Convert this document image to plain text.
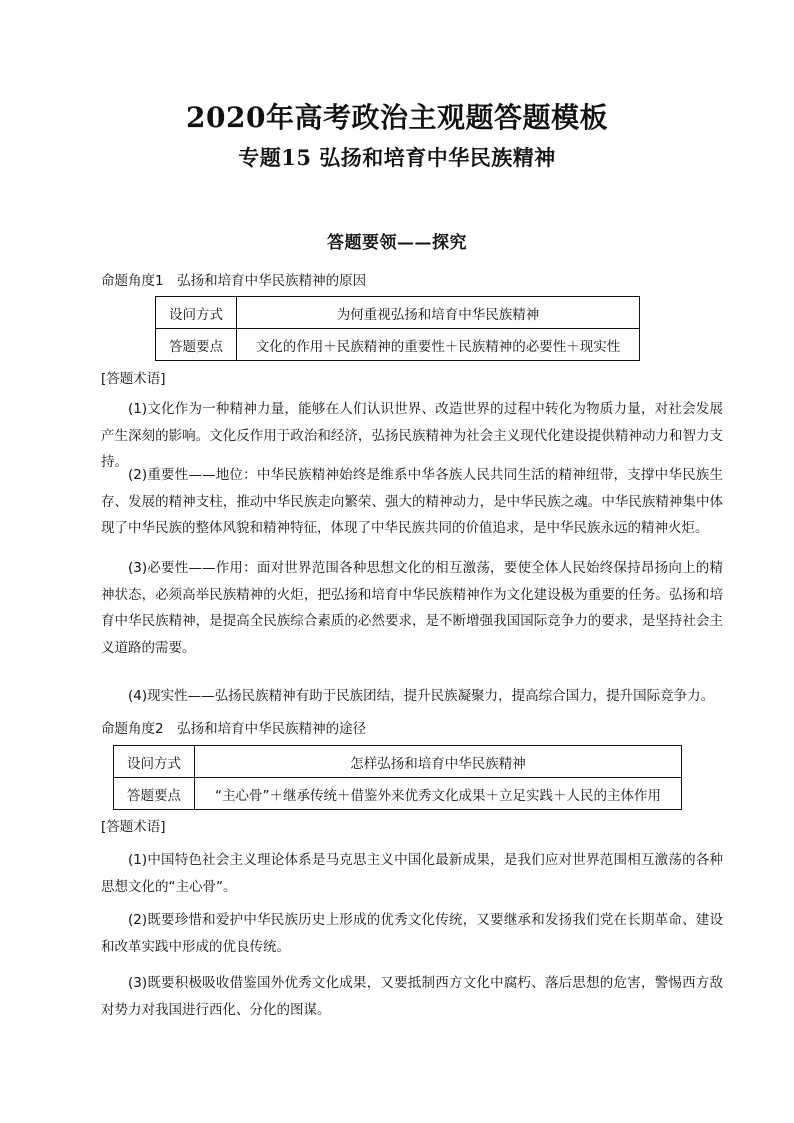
2020年高考政治主观题答题模板
专题15 弘扬和培育中华民族精神
答题要领——探究

命题角度1　弘扬和培育中华民族精神的原因

设问方式	为何重视弘扬和培育中华民族精神
答题要点	文化的作用＋民族精神的重要性＋民族精神的必要性＋现实性

[答题术语]

(1)文化作为一种精神力量，能够在人们认识世界、改造世界的过程中转化为物质力量，对社会发展产生深刻的影响。文化反作用于政治和经济，弘扬民族精神为社会主义现代化建设提供精神动力和智力支持。

(2)重要性——地位：中华民族精神始终是维系中华各族人民共同生活的精神纽带，支撑中华民族生存、发展的精神支柱，推动中华民族走向繁荣、强大的精神动力，是中华民族之魂。中华民族精神集中体现了中华民族的整体风貌和精神特征，体现了中华民族共同的价值追求，是中华民族永远的精神火炬。

(3)必要性——作用：面对世界范围各种思想文化的相互激荡，要使全体人民始终保持昂扬向上的精神状态，必须高举民族精神的火炬，把弘扬和培育中华民族精神作为文化建设极为重要的任务。弘扬和培育中华民族精神，是提高全民族综合素质的必然要求，是不断增强我国国际竞争力的要求，是坚持社会主义道路的需要。

(4)现实性——弘扬民族精神有助于民族团结，提升民族凝聚力，提高综合国力，提升国际竞争力。

命题角度2　弘扬和培育中华民族精神的途径

设问方式	怎样弘扬和培育中华民族精神
答题要点	“主心骨”＋继承传统＋借鉴外来优秀文化成果＋立足实践＋人民的主体作用

[答题术语]

(1)中国特色社会主义理论体系是马克思主义中国化最新成果，是我们应对世界范围相互激荡的各种思想文化的“主心骨”。

(2)既要珍惜和爱护中华民族历史上形成的优秀文化传统，又要继承和发扬我们党在长期革命、建设和改革实践中形成的优良传统。

(3)既要积极吸收借鉴国外优秀文化成果，又要抵制西方文化中腐朽、落后思想的危害，警惕西方敌对势力对我国进行西化、分化的图谋。
